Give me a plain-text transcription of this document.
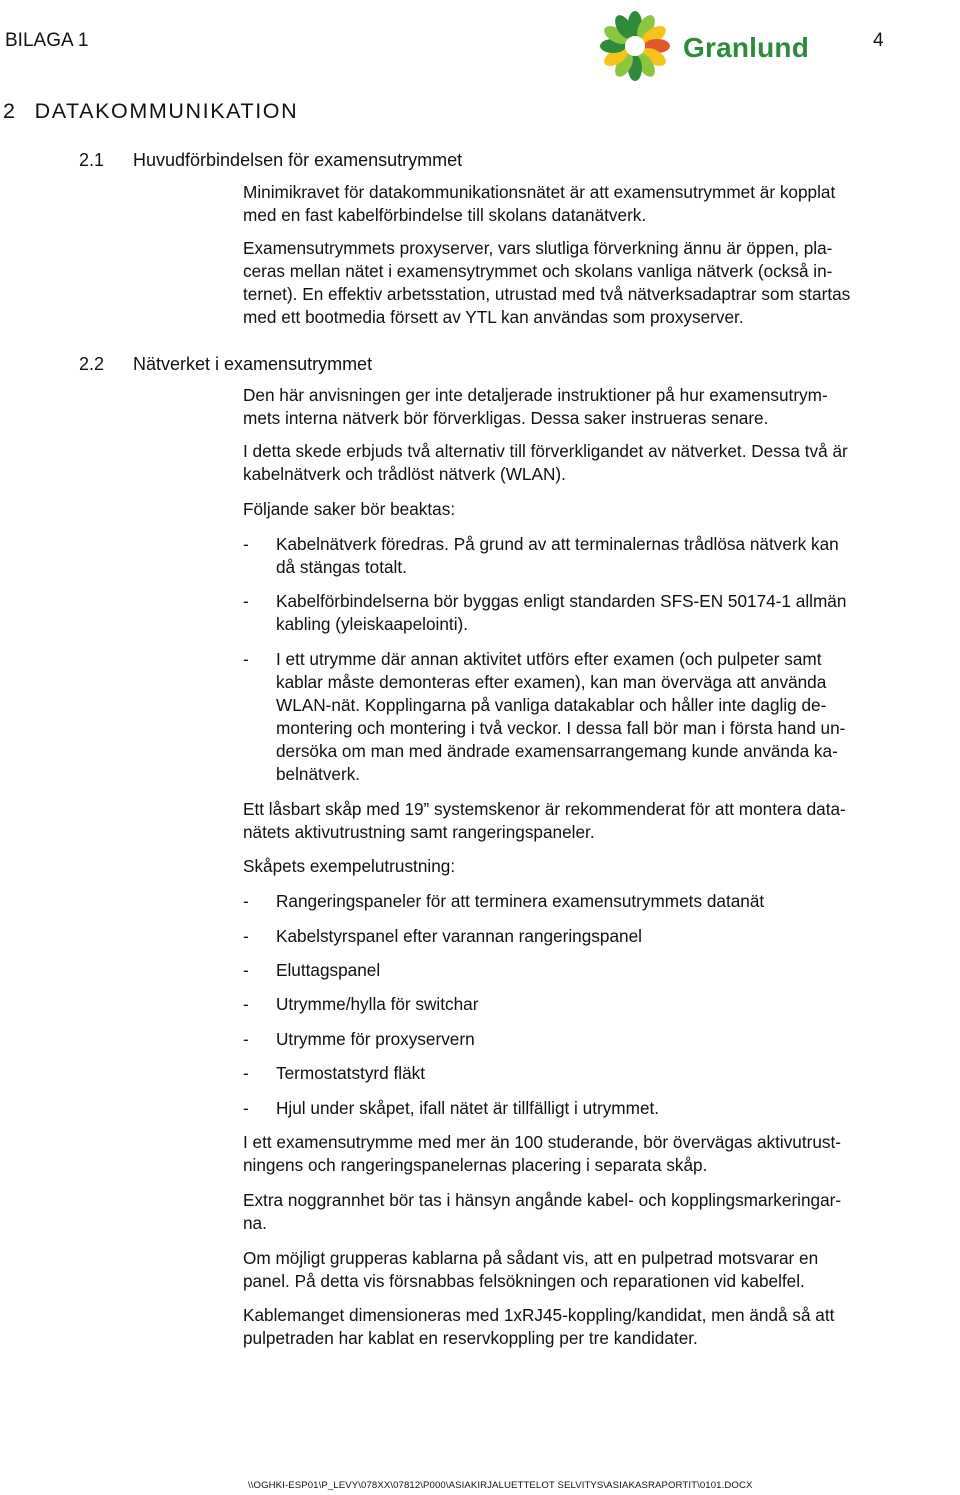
BILAGA 1	4
Granlund
2 DATAKOMMUNIKATION
2.1 Huvudförbindelsen för examensutrymmet

Minimikravet för datakommunikationsnätet är att examensutrymmet är kopplat
med en fast kabelförbindelse till skolans datanätverk.

Examensutrymmets proxyserver, vars slutliga förverkning ännu är öppen, pla-
ceras mellan nätet i examensytrymmet och skolans vanliga nätverk (också in-
ternet). En effektiv arbetsstation, utrustad med två nätverksadaptrar som startas
med ett bootmedia försett av YTL kan användas som proxyserver.

2.2 Nätverket i examensutrymmet

Den här anvisningen ger inte detaljerade instruktioner på hur examensutrym-
mets interna nätverk bör förverkligas. Dessa saker instrueras senare.

I detta skede erbjuds två alternativ till förverkligandet av nätverket. Dessa två är
kabelnätverk och trådlöst nätverk (WLAN).

Följande saker bör beaktas:

- Kabelnätverk föredras. På grund av att terminalernas trådlösa nätverk kan
då stängas totalt.
- Kabelförbindelserna bör byggas enligt standarden SFS-EN 50174-1 allmän
kabling (yleiskaapelointi).
- I ett utrymme där annan aktivitet utförs efter examen (och pulpeter samt
kablar måste demonteras efter examen), kan man överväga att använda
WLAN-nät. Kopplingarna på vanliga datakablar och håller inte daglig de-
montering och montering i två veckor. I dessa fall bör man i första hand un-
dersöka om man med ändrade examensarrangemang kunde använda ka-
belnätverk.

Ett låsbart skåp med 19” systemskenor är rekommenderat för att montera data-
nätets aktivutrustning samt rangeringspaneler.

Skåpets exempelutrustning:

- Rangeringspaneler för att terminera examensutrymmets datanät
- Kabelstyrspanel efter varannan rangeringspanel
- Eluttagspanel
- Utrymme/hylla för switchar
- Utrymme för proxyservern
- Termostatstyrd fläkt
- Hjul under skåpet, ifall nätet är tillfälligt i utrymmet.

I ett examensutrymme med mer än 100 studerande, bör övervägas aktivutrust-
ningens och rangeringspanelernas placering i separata skåp.

Extra noggrannhet bör tas i hänsyn angånde kabel- och kopplingsmarkeringar-
na.

Om möjligt grupperas kablarna på sådant vis, att en pulpetrad motsvarar en
panel. På detta vis försnabbas felsökningen och reparationen vid kabelfel.

Kablemanget dimensioneras med 1xRJ45-koppling/kandidat, men ändå så att
pulpetraden har kablat en reservkoppling per tre kandidater.

\\OGHKI-ESP01\P_LEVY\078XX\07812\P000\ASIAKIRJALUETTELOT SELVITYS\ASIAKASRAPORTIT\0101.DOCX
